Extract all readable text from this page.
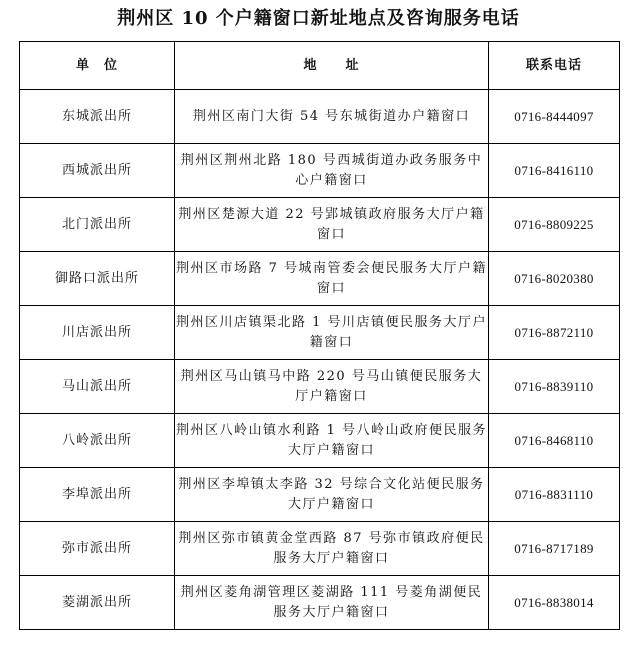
荆州区 10 个户籍窗口新址地点及咨询服务电话
单　位	地　　址	联系电话
东城派出所	荆州区南门大街 54 号东城街道办户籍窗口	0716-8444097
西城派出所	荆州区荆州北路 180 号西城街道办政务服务中心户籍窗口	0716-8416110
北门派出所	荆州区楚源大道 22 号郢城镇政府服务大厅户籍窗口	0716-8809225
御路口派出所	荆州区市场路 7 号城南管委会便民服务大厅户籍窗口	0716-8020380
川店派出所	荆州区川店镇渠北路 1 号川店镇便民服务大厅户籍窗口	0716-8872110
马山派出所	荆州区马山镇马中路 220 号马山镇便民服务大厅户籍窗口	0716-8839110
八岭派出所	荆州区八岭山镇水利路 1 号八岭山政府便民服务大厅户籍窗口	0716-8468110
李埠派出所	荆州区李埠镇太李路 32 号综合文化站便民服务大厅户籍窗口	0716-8831110
弥市派出所	荆州区弥市镇黄金堂西路 87 号弥市镇政府便民服务大厅户籍窗口	0716-8717189
菱湖派出所	荆州区菱角湖管理区菱湖路 111 号菱角湖便民服务大厅户籍窗口	0716-8838014
